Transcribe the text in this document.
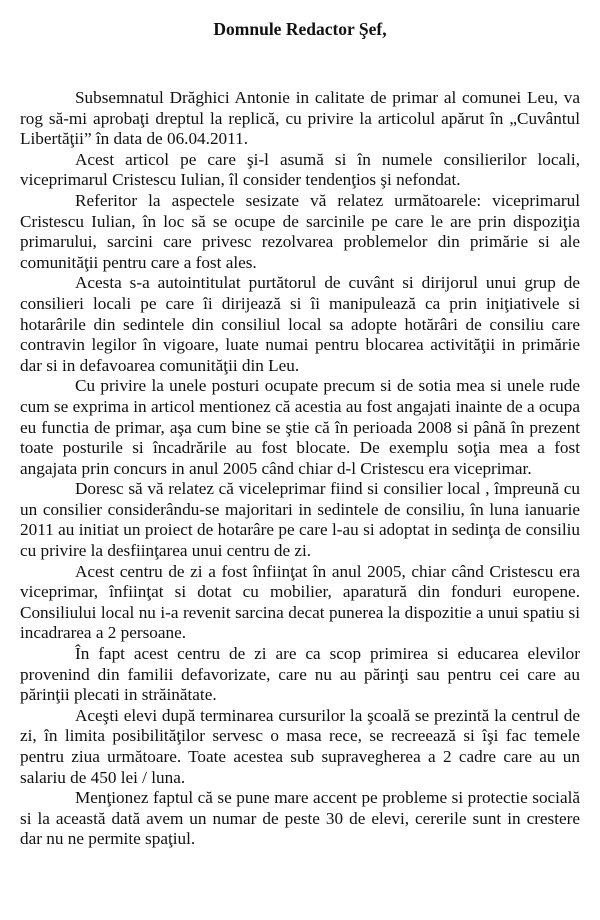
Domnule Redactor Şef,

Subsemnatul Drăghici Antonie in calitate de primar al comunei Leu, va rog să-mi aprobaţi dreptul la replică, cu privire la articolul apărut în „Cuvântul Libertăţii” în data de 06.04.2011.

Acest articol pe care şi-l asumă si în numele consilierilor locali, viceprimarul Cristescu Iulian, îl consider tendenţios şi nefondat.

Referitor la aspectele sesizate vă relatez următoarele: viceprimarul Cristescu Iulian, în loc să se ocupe de sarcinile pe care le are prin dispoziţia primarului, sarcini care privesc rezolvarea problemelor din primărie si ale comunităţii pentru care a fost ales.

Acesta s-a autointitulat purtătorul de cuvânt si dirijorul unui grup de consilieri locali pe care îi dirijează si îi manipulează ca prin iniţiativele si hotarârile din sedintele din consiliul local sa adopte hotărâri de consiliu care contravin legilor în vigoare, luate numai pentru blocarea activităţii in primărie dar si in defavoarea comunităţii din Leu.

Cu privire la unele posturi ocupate precum si de sotia mea si unele rude cum se exprima in articol mentionez că acestia au fost angajati inainte de a ocupa eu functia de primar, aşa cum bine se ştie că în perioada 2008 si până în prezent toate posturile si încadrările au fost blocate. De exemplu soţia mea a fost angajata prin concurs in anul 2005 când chiar d-l Cristescu era viceprimar.

Doresc să vă relatez că viceleprimar fiind si consilier local , împreună cu un consilier considerându-se majoritari in sedintele de consiliu, în luna ianuarie 2011 au initiat un proiect de hotarâre pe care l-au si adoptat in sedinţa de consiliu cu privire la desfiinţarea unui centru de zi.

Acest centru de zi a fost înfiinţat în anul 2005, chiar când Cristescu era viceprimar, înfiinţat si dotat cu mobilier, aparatură din fonduri europene. Consiliului local nu i-a revenit sarcina decat punerea la dispozitie a unui spatiu si incadrarea a 2 persoane.

În fapt acest centru de zi are ca scop primirea si educarea elevilor provenind din familii defavorizate, care nu au părinţi sau pentru cei care au părinţii plecati in străinătate.

Aceşti elevi după terminarea cursurilor la şcoală se prezintă la centrul de zi, în limita posibilităţilor servesc o masa rece, se recreează si îşi fac temele pentru ziua următoare. Toate acestea sub supravegherea a 2 cadre care au un salariu de 450 lei / luna.

Menţionez faptul că se pune mare accent pe probleme si protectie socială si la această dată avem un numar de peste 30 de elevi, cererile sunt in crestere dar nu ne permite spaţiul.
